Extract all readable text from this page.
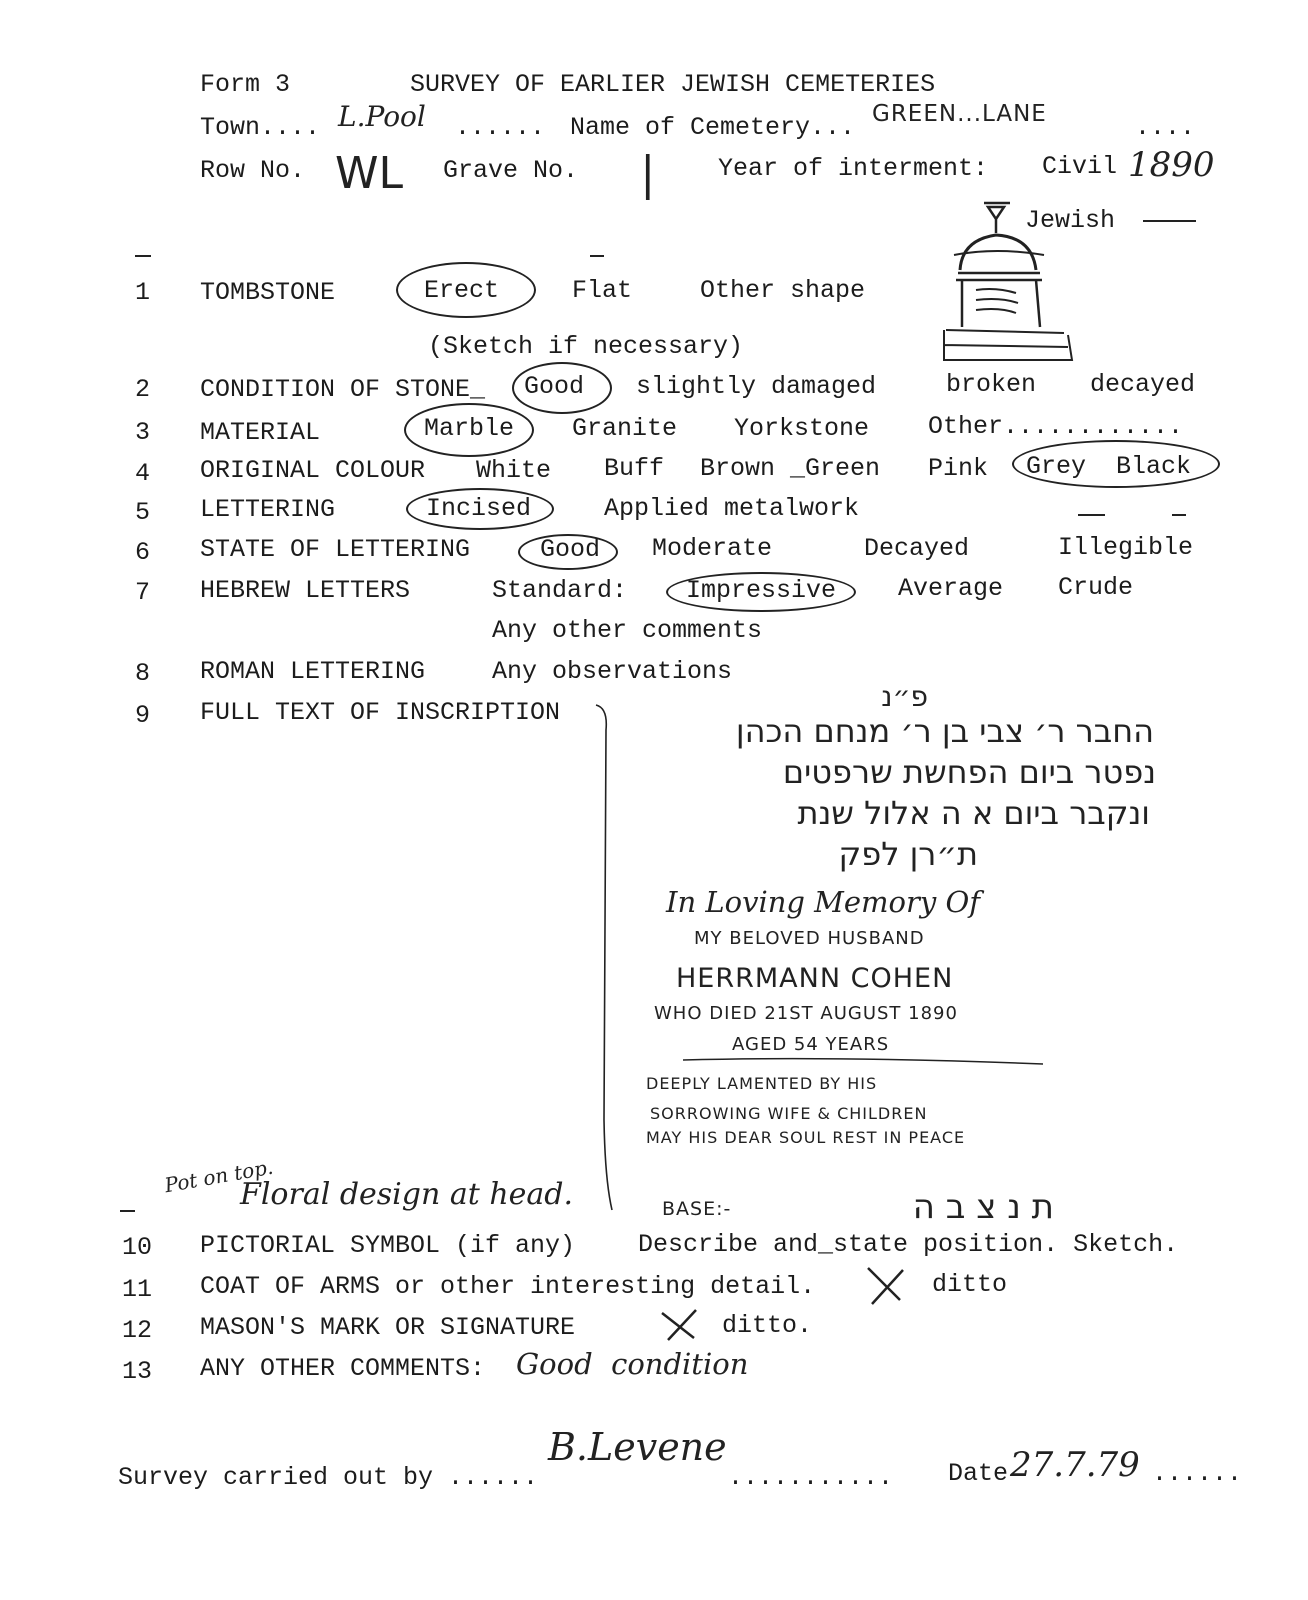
Form 3	SURVEY OF EARLIER JEWISH CEMETERIES
Town.... L.Pool ...... Name of Cemetery... GREEN...LANE	....
Row No. WL Grave No. |	Year of interment: Civil 1890
Jewish
1 TOMBSTONE	Erect	Flat	Other shape
(Sketch if necessary)
2 CONDITION OF STONE_ Good slightly damaged	broken decayed
3 MATERIAL	Marble Granite Yorkstone Other............
4 ORIGINAL COLOUR White Buff Brown _Green Pink Grey  Black
5 LETTERING	Incised	Applied metalwork
6 STATE OF LETTERING	Good Moderate	Decayed	Illegible
7 HEBREW LETTERS	Standard: Impressive Average Crude
Any other comments
8 ROMAN LETTERING	Any observations
9 FULL TEXT OF INSCRIPTION	פ״נ
החבר ר׳ צבי בן ר׳ מנחם הכהן
נפטר ביום הפחשת שרפטים
ונקבר ביום א ה אלול שנת
ת״רן לפק
In Loving Memory Of
MY BELOVED HUSBAND
HERRMANN COHEN
WHO DIED 21ST AUGUST 1890
AGED 54 YEARS
DEEPLY LAMENTED BY HIS
SORROWING WIFE & CHILDREN
MAY HIS DEAR SOUL REST IN PEACE
Pot on top.
Floral design at head.	BASE:-	ת נ צ ב ה
10 PICTORIAL SYMBOL (if any)	Describe and_state position. Sketch.
11 COAT OF ARMS or other interesting detail.	ditto
12 MASON'S MARK OR SIGNATURE	ditto.
13 ANY OTHER COMMENTS: Good  condition
Survey carried out by ......
B.Levene
........... Date 27.7.79 ......
